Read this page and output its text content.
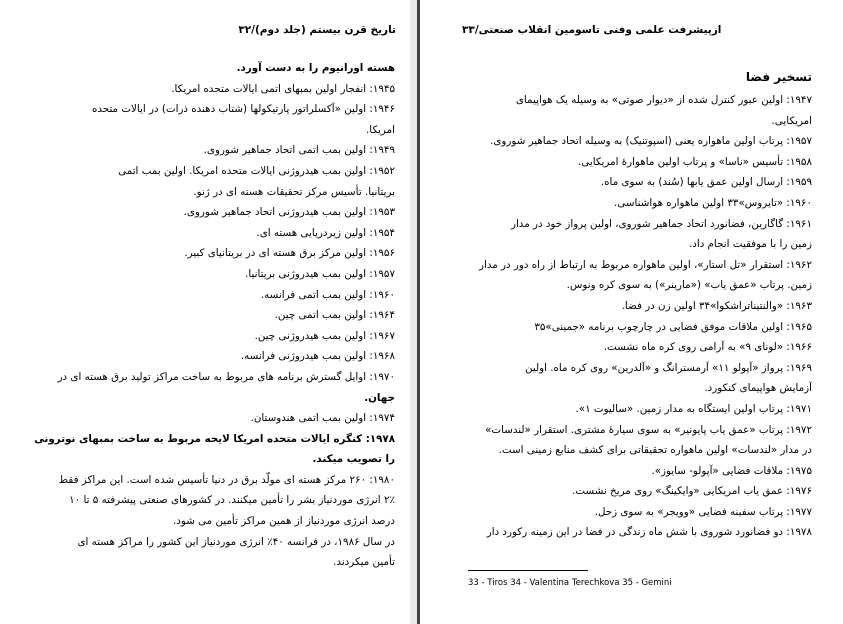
۳۲/تاریخ قرن بیستم (جلد دوم)
هسته اورانیوم را به دست آورد.
۱۹۴۵: انفجار اولین بمبهای اتمی ایالات متحده امریکا.
۱۹۴۶: اولین «آکسلراتور پارتیکولها (شتاب دهنده ذرات) در ایالات متحده
امریکا.
۱۹۴۹: اولین بمب اتمی اتحاد جماهیر شوروی.
۱۹۵۲: اولین بمب هیدروژنی ایالات متحده امریکا. اولین بمب اتمی
بریتانیا. تأسیس مرکز تحقیقات هسته ای در ژنو.
۱۹۵۳: اولین بمب هیدروژنی اتحاد جماهیر شوروی.
۱۹۵۴: اولین زیردریایی هسته ای.
۱۹۵۶: اولین مرکز برق هسته ای در بریتانیای کبیر.
۱۹۵۷: اولین بمب هیدروژنی بریتانیا.
۱۹۶۰: اولین بمب اتمی فرانسه.
۱۹۶۴: اولین بمب اتمی چین.
۱۹۶۷: اولین بمب هیدروژنی چین.
۱۹۶۸: اولین بمب هیدروژنی فرانسه.
۱۹۷۰: اوایل گسترش برنامه های مربوط به ساخت مراکز تولید برق هسته ای در
جهان.
۱۹۷۴: اولین بمب اتمی هندوستان.
۱۹۷۸: کنگره ایالات متحده امریکا لایحه مربوط به ساخت بمبهای نوترونی
را تصویب میکند.
۱۹۸۰: ۲۶۰ مرکز هسته ای مولّد برق در دنیا تأسیس شده است. این مراکز فقط
۲٪ انرژی موردنیاز بشر را تأمین میکنند. در کشورهای صنعتی پیشرفته ۵ تا ۱۰
درصد انرژی موردنیاز از همین مراکز تأمین می شود.
در سال ۱۹۸۶، در فرانسه ۴۰٪ انرژی موردنیاز این کشور را مراکز هسته ای
تأمین میکردند.
ازپیشرفت علمی وفنی تاسومین انقلاب صنعتی/۳۳
تسخیر فضا
۱۹۴۷: اولین عبور کنترل شده از «دیوار صوتی» به وسیله یک هواپیمای
امریکایی.
۱۹۵۷: پرتاب اولین ماهواره یعنی (اسپوتنیک) به وسیله اتحاد جماهیر شوروی.
۱۹۵۸: تأسیس «ناسا» و پرتاب اولین ماهوارهٔ امریکایی.
۱۹۵۹: ارسال اولین عمق یابها (سُند) به سوی ماه.
۱۹۶۰: «تایروس»۳۳ اولین ماهواره هواشناسی.
۱۹۶۱: گاگارین، فضانورد اتحاد جماهیر شوروی، اولین پرواز خود در مدار
زمین را با موفقیت انجام داد.
۱۹۶۲: استقرار «تل استار»، اولین ماهواره مربوط به ارتباط از راه دور در مدار
زمین. پرتاب «عمق یاب» («مارینر») به سوی کره ونوس.
۱۹۶۳: «والنتیناتراشکوا»۳۴ اولین زن در فضا.
۱۹۶۵: اولین ملاقات موفق فضایی در چارچوب برنامه «جمینی»۳۵
۱۹۶۶: «لونای ۹» به آرامی روی کره ماه نشست.
۱۹۶۹: پرواز «آپولو ۱۱» آرمسترانگ و «آلدرین» روی کره ماه. اولین
آزمایش هواپیمای کنکورد.
۱۹۷۱: پرتاب اولین ایستگاه به مدار زمین. «سالیوت ۱».
۱۹۷۲: پرتاب «عمق یاب پایونیر» به سوی سیارهٔ مشتری. استقرار «لندسات»
در مدار «لندسات» اولین ماهواره تحقیقاتی برای کشف منابع زمینی است.
۱۹۷۵: ملاقات فضایی «آپولو- سایوز».
۱۹۷۶: عمق یاب امریکایی «وایکینگ» روی مریخ نشست.
۱۹۷۷: پرتاب سفینه فضایی «وویجر» به سوی زحل.
۱۹۷۸: دو فضانورد شوروی با شش ماه زندگی در فضا در این زمینه رکورد دار
33 - Tiros 34 - Valentina Terechkova 35 - Gemini
